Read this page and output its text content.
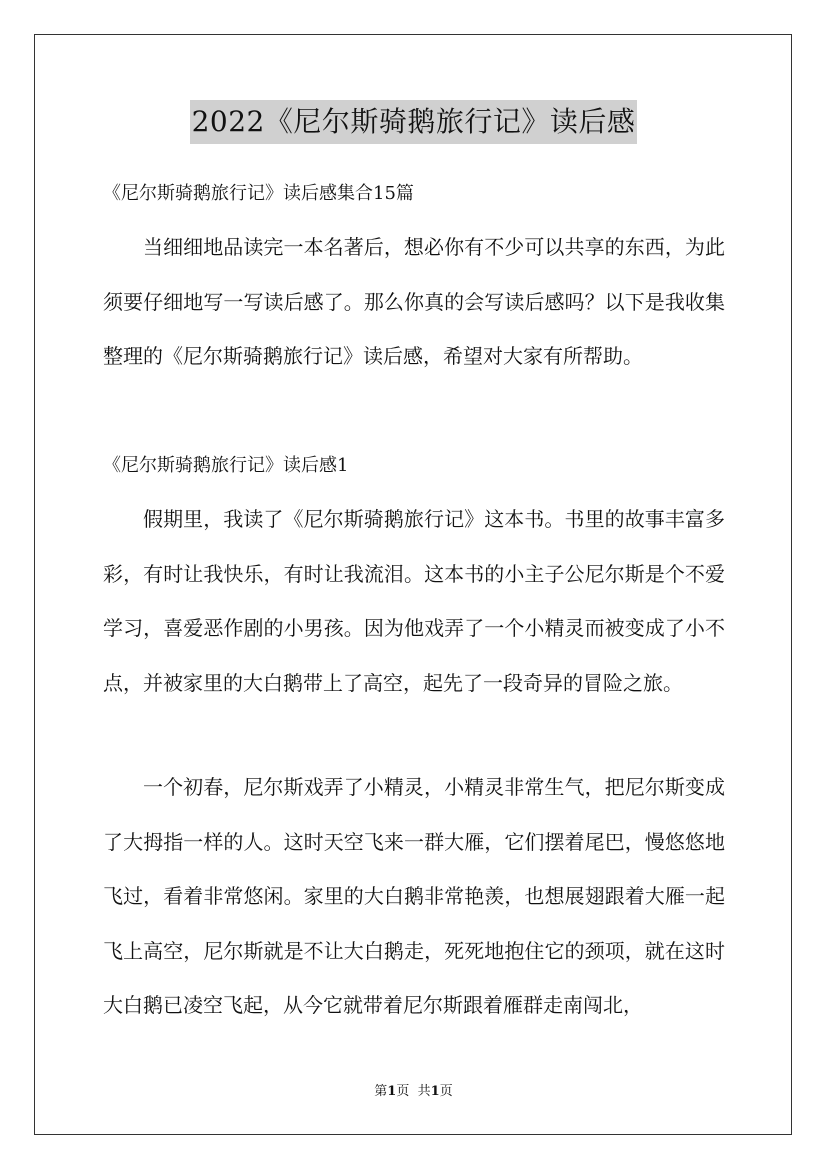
2022《尼尔斯骑鹅旅行记》读后感
《尼尔斯骑鹅旅行记》读后感集合15篇

当细细地品读完一本名著后，想必你有不少可以共享的东西，为此须要仔细地写一写读后感了。那么你真的会写读后感吗？以下是我收集整理的《尼尔斯骑鹅旅行记》读后感，希望对大家有所帮助。

《尼尔斯骑鹅旅行记》读后感1

假期里，我读了《尼尔斯骑鹅旅行记》这本书。书里的故事丰富多彩，有时让我快乐，有时让我流泪。这本书的小主子公尼尔斯是个不爱学习，喜爱恶作剧的小男孩。因为他戏弄了一个小精灵而被变成了小不点，并被家里的大白鹅带上了高空，起先了一段奇异的冒险之旅。

一个初春，尼尔斯戏弄了小精灵，小精灵非常生气，把尼尔斯变成了大拇指一样的人。这时天空飞来一群大雁，它们摆着尾巴，慢悠悠地飞过，看着非常悠闲。家里的大白鹅非常艳羡，也想展翅跟着大雁一起飞上高空，尼尔斯就是不让大白鹅走，死死地抱住它的颈项，就在这时大白鹅已凌空飞起，从今它就带着尼尔斯跟着雁群走南闯北，

第1页 共1页
